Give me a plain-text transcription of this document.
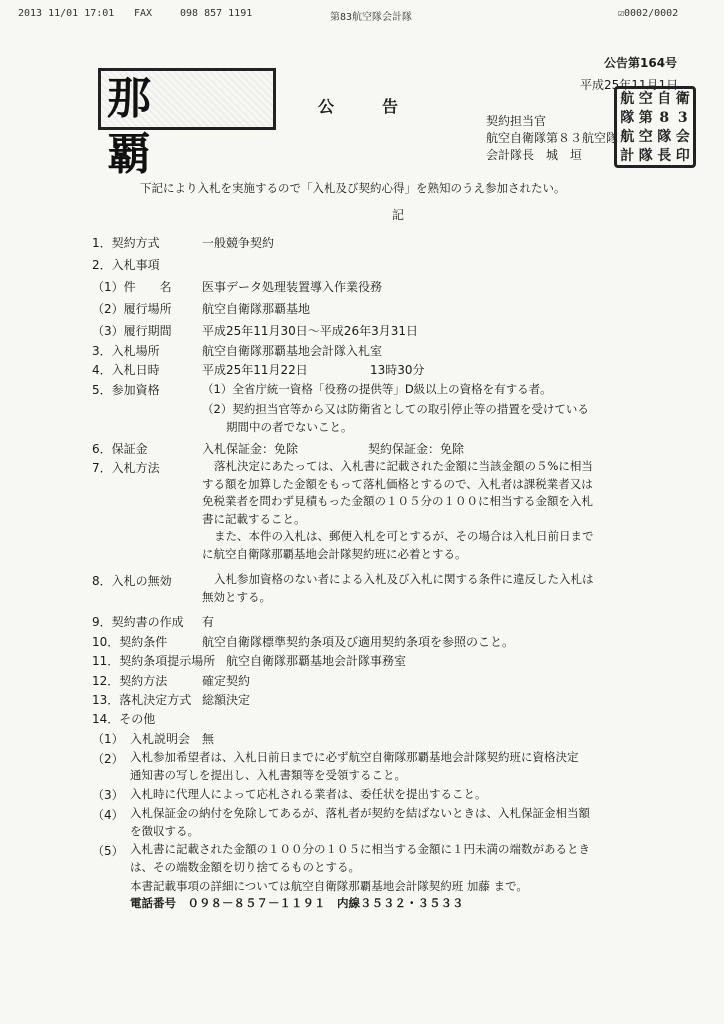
2013 11/01 17:01 FAX	098 857 1191	第83航空隊会計隊	☑0002/0002
那覇
公告第164号
平成25年11月1日
公告
契約担当官
航空自衛隊第８３航空隊
会計隊長　城　垣
航 空 自 衛
隊 第 8 3
航 空 隊 会
計 隊 長 印
下記により入札を実施するので「入札及び契約心得」を熟知のうえ参加されたい。
記
1．契約方式	一般競争契約
2．入札事項
（1）件　　名	医事データ処理装置導入作業役務
（2）履行場所	航空自衛隊那覇基地
（3）履行期間	平成25年11月30日～平成26年3月31日
3．入札場所	航空自衛隊那覇基地会計隊入札室
4．入札日時	平成25年11月22日	13時30分
5．参加資格	（1）全省庁統一資格「役務の提供等」D級以上の資格を有する者。
（2）契約担当官等から又は防衛省としての取引停止等の措置を受けている
期間中の者でないこと。
6．保証金	入札保証金：免除	契約保証金：免除
7．入札方法	落札決定にあたっては、入札書に記載された金額に当該金額の５%に相当
する額を加算した金額をもって落札価格とするので、入札者は課税業者又は
免税業者を問わず見積もった金額の１０５分の１００に相当する金額を入札
書に記載すること。
また、本件の入札は、郵便入札を可とするが、その場合は入札日前日まで
に航空自衛隊那覇基地会計隊契約班に必着とする。
8．入札の無効	入札参加資格のない者による入札及び入札に関する条件に違反した入札は
無効とする。
9．契約書の作成 有
10．契約条件	航空自衛隊標準契約条項及び適用契約条項を参照のこと。
11．契約条項提示場所 航空自衛隊那覇基地会計隊事務室
12．契約方法	確定契約
13．落札決定方式 総額決定
14．その他
（1） 入札説明会　無
（2） 入札参加希望者は、入札日前日までに必ず航空自衛隊那覇基地会計隊契約班に資格決定
通知書の写しを提出し、入札書類等を受領すること。
（3） 入札時に代理人によって応札される業者は、委任状を提出すること。
（4） 入札保証金の納付を免除してあるが、落札者が契約を結ばないときは、入札保証金相当額
を徴収する。
（5） 入札書に記載された金額の１００分の１０５に相当する金額に１円未満の端数があるとき
は、その端数金額を切り捨てるものとする。
本書記載事項の詳細については航空自衛隊那覇基地会計隊契約班 加藤 まで。
電話番号　０９８－８５７－１１９１　内線３５３２・３５３３
